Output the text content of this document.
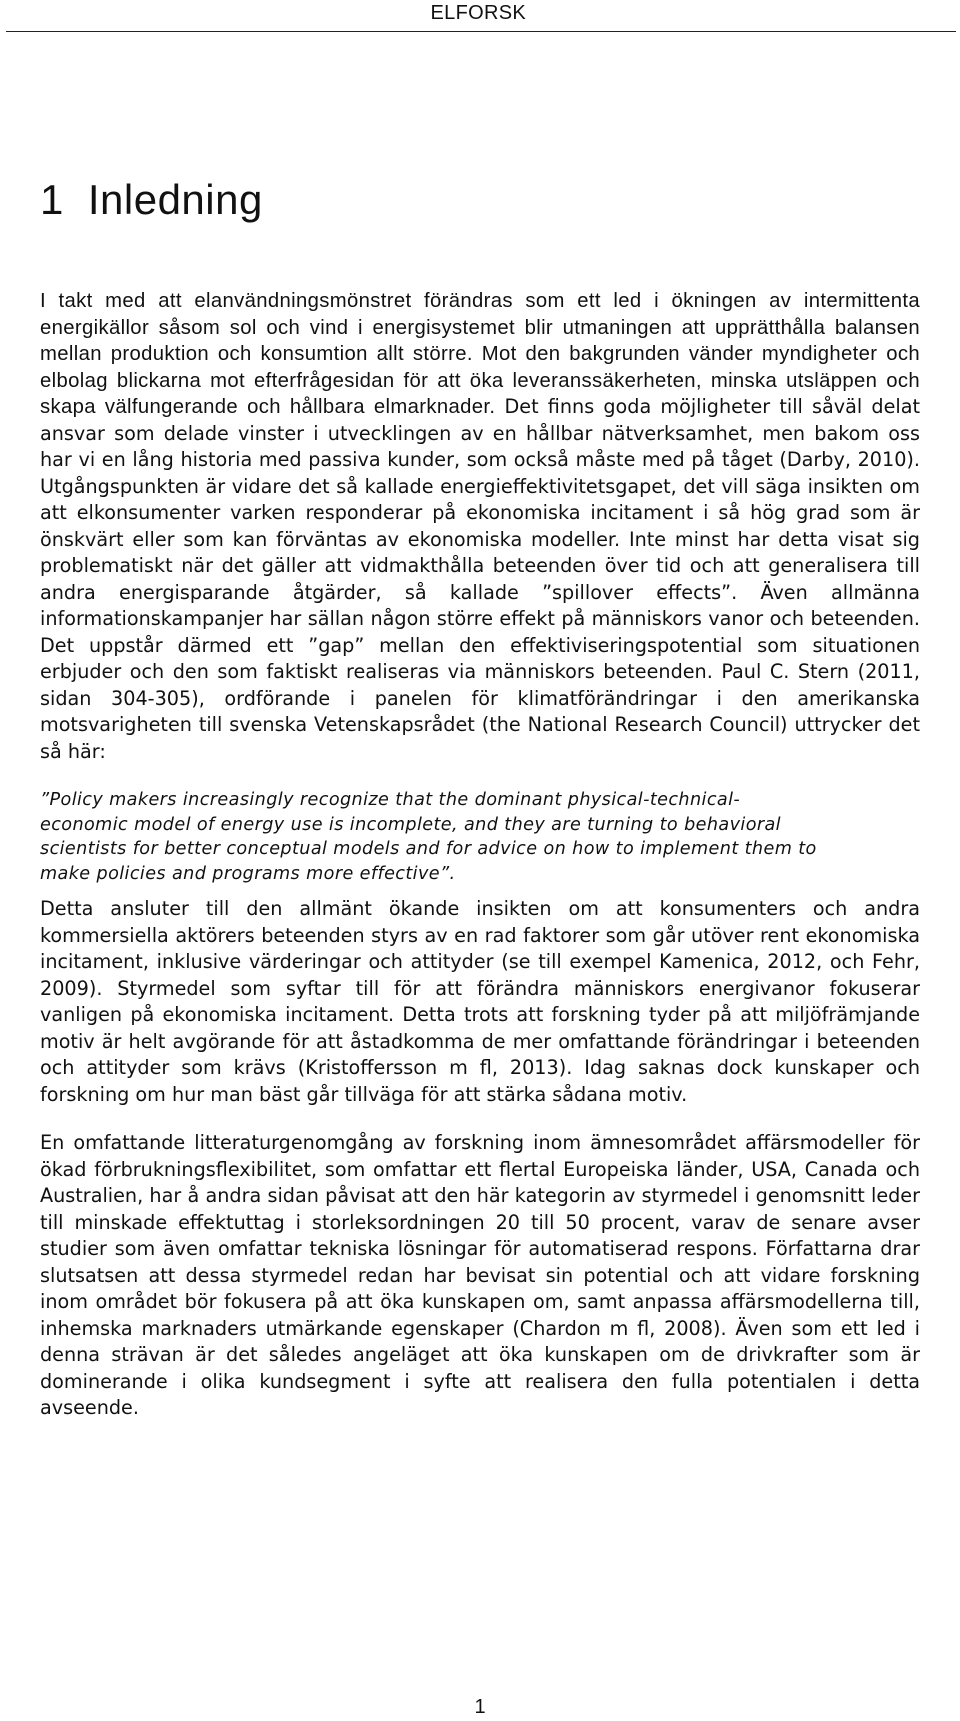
ELFORSK
1 Inledning

I takt med att elanvändningsmönstret förändras som ett led i ökningen av intermittenta energikällor såsom sol och vind i energisystemet blir utmaningen att upprätthålla balansen mellan produktion och konsumtion allt större. Mot den bakgrunden vänder myndigheter och elbolag blickarna mot efterfrågesidan för att öka leveranssäkerheten, minska utsläppen och skapa välfungerande och hållbara elmarknader. Det finns goda möjligheter till såväl delat ansvar som delade vinster i utvecklingen av en hållbar nätverksamhet, men bakom oss har vi en lång historia med passiva kunder, som också måste med på tåget (Darby, 2010). Utgångspunkten är vidare det så kallade energieffektivitetsgapet, det vill säga insikten om att elkonsumenter varken responderar på ekonomiska incitament i så hög grad som är önskvärt eller som kan förväntas av ekonomiska modeller. Inte minst har detta visat sig problematiskt när det gäller att vidmakthålla beteenden över tid och att generalisera till andra energisparande åtgärder, så kallade ”spillover effects”. Även allmänna informationskampanjer har sällan någon större effekt på människors vanor och beteenden. Det uppstår därmed ett ”gap” mellan den effektiviseringspotential som situationen erbjuder och den som faktiskt realiseras via människors beteenden. Paul C. Stern (2011, sidan 304-305), ordförande i panelen för klimatförändringar i den amerikanska motsvarigheten till svenska Vetenskapsrådet (the National Research Council) uttrycker det så här:

”Policy makers increasingly recognize that the dominant physical-technical-economic model of energy use is incomplete, and they are turning to behavioral scientists for better conceptual models and for advice on how to implement them to make policies and programs more effective”.

Detta ansluter till den allmänt ökande insikten om att konsumenters och andra kommersiella aktörers beteenden styrs av en rad faktorer som går utöver rent ekonomiska incitament, inklusive värderingar och attityder (se till exempel Kamenica, 2012, och Fehr, 2009). Styrmedel som syftar till för att förändra människors energivanor fokuserar vanligen på ekonomiska incitament. Detta trots att forskning tyder på att miljöfrämjande motiv är helt avgörande för att åstadkomma de mer omfattande förändringar i beteenden och attityder som krävs (Kristoffersson m fl, 2013). Idag saknas dock kunskaper och forskning om hur man bäst går tillväga för att stärka sådana motiv.

En omfattande litteraturgenomgång av forskning inom ämnesområdet affärsmodeller för ökad förbrukningsflexibilitet, som omfattar ett flertal Europeiska länder, USA, Canada och Australien, har å andra sidan påvisat att den här kategorin av styrmedel i genomsnitt leder till minskade effektuttag i storleksordningen 20 till 50 procent, varav de senare avser studier som även omfattar tekniska lösningar för automatiserad respons. Författarna drar slutsatsen att dessa styrmedel redan har bevisat sin potential och att vidare forskning inom området bör fokusera på att öka kunskapen om, samt anpassa affärsmodellerna till, inhemska marknaders utmärkande egenskaper (Chardon m fl, 2008). Även som ett led i denna strävan är det således angeläget att öka kunskapen om de drivkrafter som är dominerande i olika kundsegment i syfte att realisera den fulla potentialen i detta avseende.

1
